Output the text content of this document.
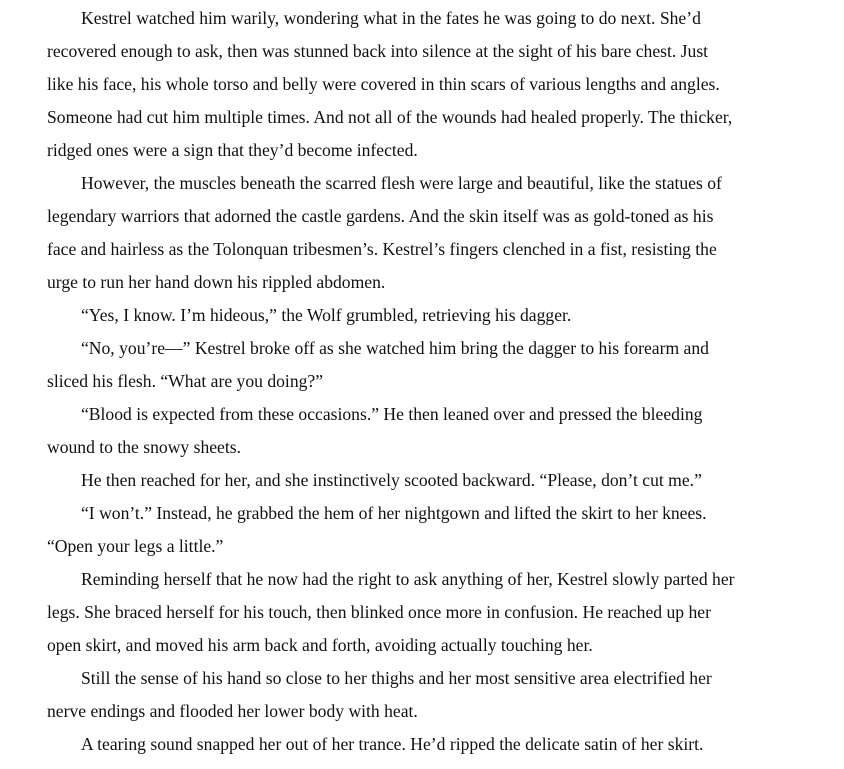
Kestrel watched him warily, wondering what in the fates he was going to do next. She’d
recovered enough to ask, then was stunned back into silence at the sight of his bare chest. Just
like his face, his whole torso and belly were covered in thin scars of various lengths and angles.
Someone had cut him multiple times. And not all of the wounds had healed properly. The thicker,
ridged ones were a sign that they’d become infected.
However, the muscles beneath the scarred flesh were large and beautiful, like the statues of
legendary warriors that adorned the castle gardens. And the skin itself was as gold-toned as his
face and hairless as the Tolonquan tribesmen’s. Kestrel’s fingers clenched in a fist, resisting the
urge to run her hand down his rippled abdomen.
“Yes, I know. I’m hideous,” the Wolf grumbled, retrieving his dagger.
“No, you’re—” Kestrel broke off as she watched him bring the dagger to his forearm and
sliced his flesh. “What are you doing?”
“Blood is expected from these occasions.” He then leaned over and pressed the bleeding
wound to the snowy sheets.
He then reached for her, and she instinctively scooted backward. “Please, don’t cut me.”
“I won’t.” Instead, he grabbed the hem of her nightgown and lifted the skirt to her knees.
“Open your legs a little.”
Reminding herself that he now had the right to ask anything of her, Kestrel slowly parted her
legs. She braced herself for his touch, then blinked once more in confusion. He reached up her
open skirt, and moved his arm back and forth, avoiding actually touching her.
Still the sense of his hand so close to her thighs and her most sensitive area electrified her
nerve endings and flooded her lower body with heat.
A tearing sound snapped her out of her trance. He’d ripped the delicate satin of her skirt.
